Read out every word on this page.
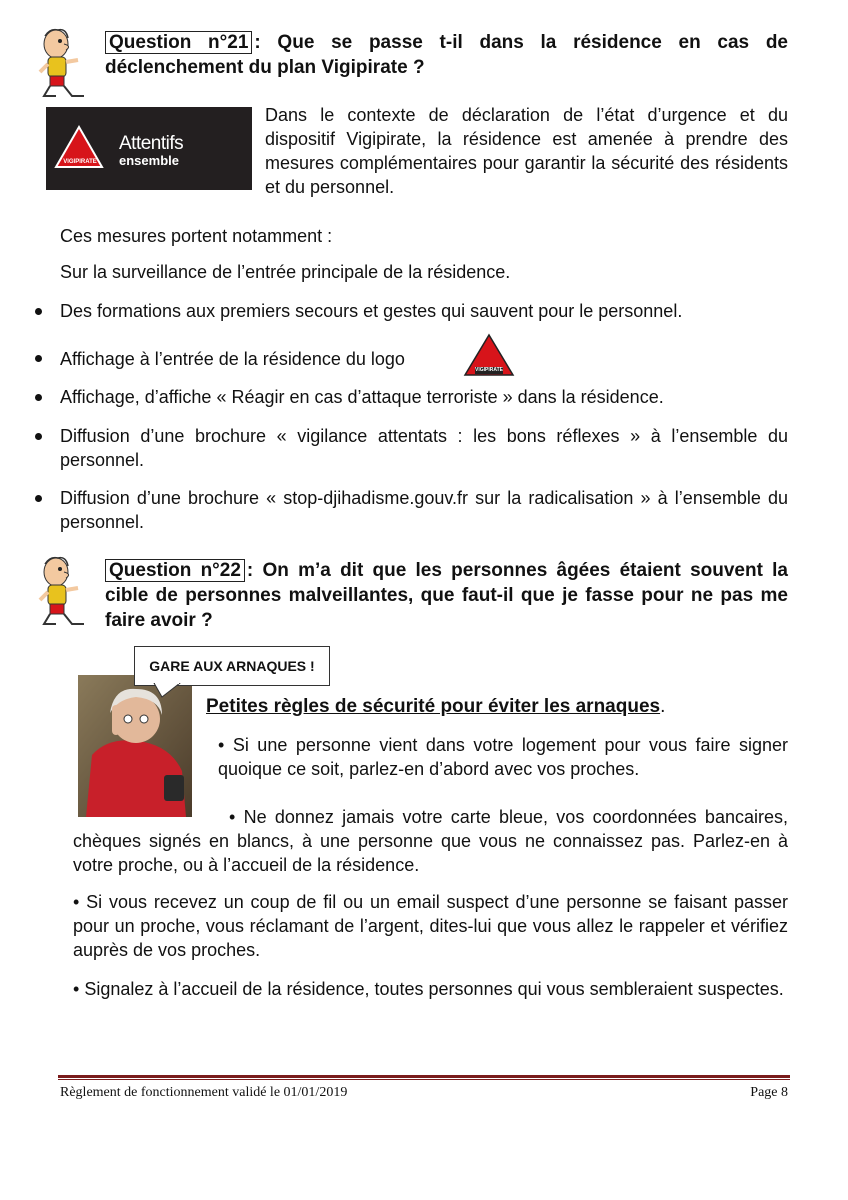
Question n°21 : Que se passe t-il dans la résidence en cas de déclenchement du plan Vigipirate ?
VIGIPIRATE
Attentifs
ensemble
Dans le contexte de déclaration de l’état d’urgence et du dispositif Vigipirate, la résidence est amenée à prendre des mesures complémentaires pour garantir la sécurité des résidents et du personnel.
Ces mesures portent notamment :
Sur la surveillance de l’entrée principale de la résidence.
Des formations aux premiers secours et gestes qui sauvent pour le personnel.
Affichage à l’entrée de la résidence du logo
VIGIPIRATE
Affichage, d’affiche « Réagir en cas d’attaque terroriste » dans la résidence.
Diffusion d’une brochure « vigilance attentats : les bons réflexes » à l’ensemble du personnel.
Diffusion d’une brochure « stop-djihadisme.gouv.fr sur la radicalisation » à l’ensemble du personnel.
Question n°22 : On m’a dit que les personnes âgées étaient souvent la cible de personnes malveillantes, que faut-il que je fasse pour ne pas me faire avoir ?
GARE AUX ARNAQUES !
Petites règles de sécurité pour éviter les arnaques.
• Si une personne vient dans votre logement pour vous faire signer quoique ce soit, parlez-en d’abord avec vos proches.
• Ne donnez jamais votre carte bleue, vos coordonnées bancaires, chèques signés en blancs, à une personne que vous ne connaissez pas. Parlez-en à votre proche, ou à l’accueil de la résidence.
• Si vous recevez un coup de fil ou un email suspect d’une personne se faisant passer pour un proche, vous réclamant de l’argent, dites-lui que vous allez le rappeler et vérifiez auprès de vos proches.
• Signalez à l’accueil de la résidence, toutes personnes qui vous sembleraient suspectes.
Règlement de fonctionnement validé le 01/01/2019	Page 8
